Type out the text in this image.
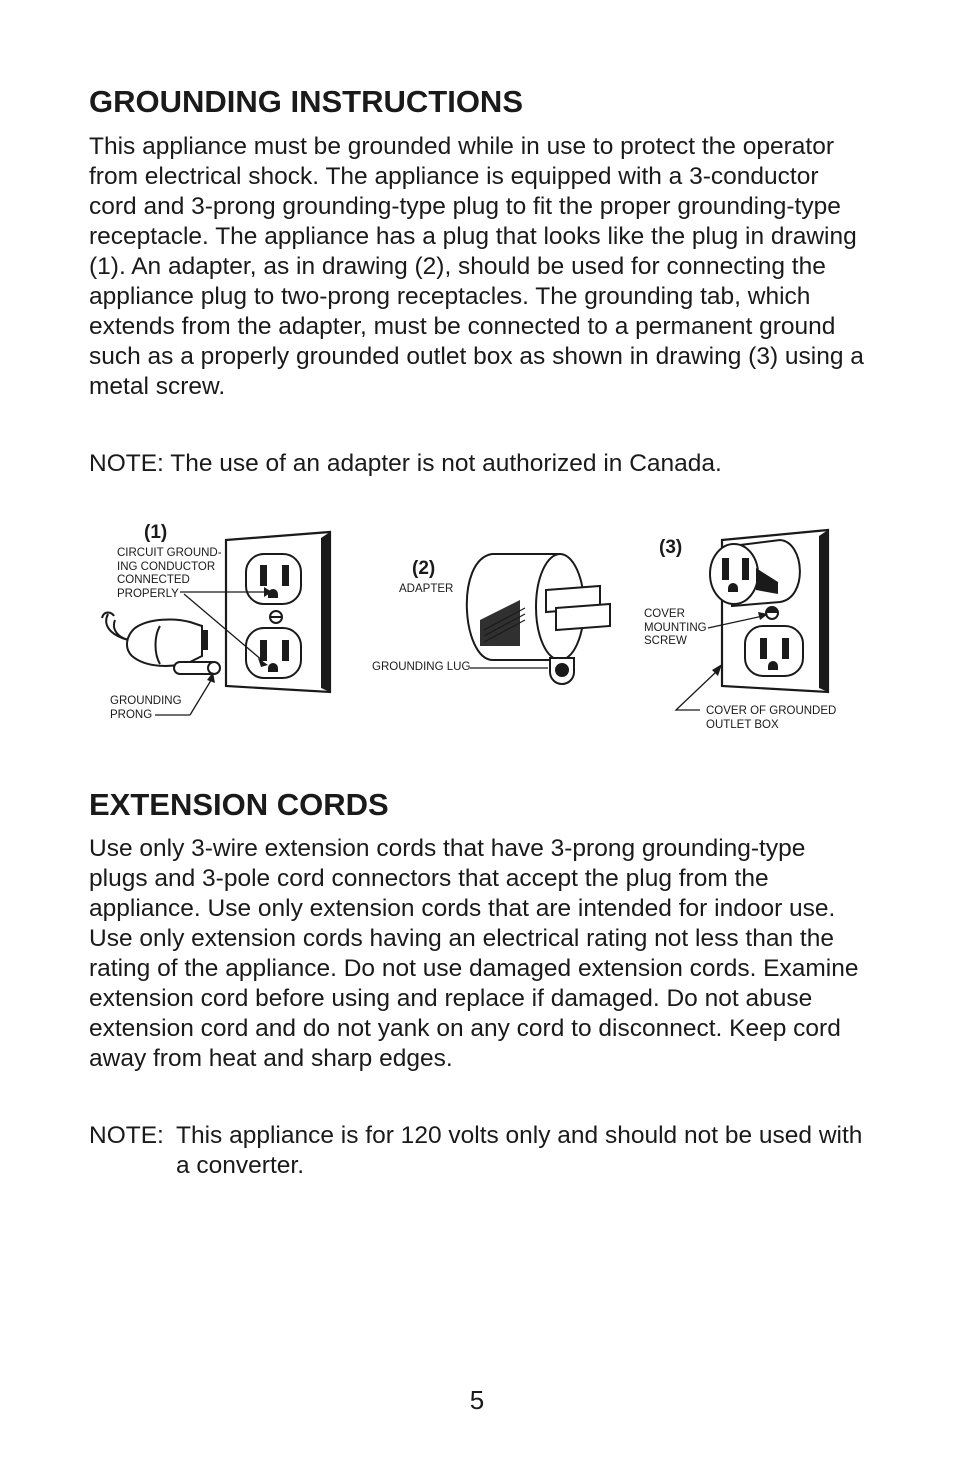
GROUNDING INSTRUCTIONS

This appliance must be grounded while in use to protect the operator from electrical shock. The appliance is equipped with a 3-conductor cord and 3-prong grounding-type plug to fit the proper grounding-type receptacle. The appliance has a plug that looks like the plug in drawing (1). An adapter, as in drawing (2), should be used for connecting the appliance plug to two-prong receptacles. The grounding tab, which extends from the adapter, must be connected to a permanent ground such as a properly grounded outlet box as shown in drawing (3) using a metal screw.

NOTE: The use of an adapter is not authorized in Canada.

EXTENSION CORDS

Use only 3-wire extension cords that have 3-prong grounding-type plugs and 3-pole cord connectors that accept the plug from the appliance. Use only extension cords that are intended for indoor use. Use only extension cords having an electrical rating not less than the rating of the appliance. Do not use damaged extension cords. Examine extension cord before using and replace if damaged. Do not abuse extension cord and do not yank on any cord to disconnect. Keep cord away from heat and sharp edges.

NOTE: This appliance is for 120 volts only and should not be used with a converter.
(1)
CIRCUIT GROUND-
ING CONDUCTOR
CONNECTED
PROPERLY
GROUNDING
PRONG
(2)
ADAPTER
GROUNDING LUG
(3)
COVER
MOUNTING
SCREW
COVER OF GROUNDED
OUTLET BOX
5
